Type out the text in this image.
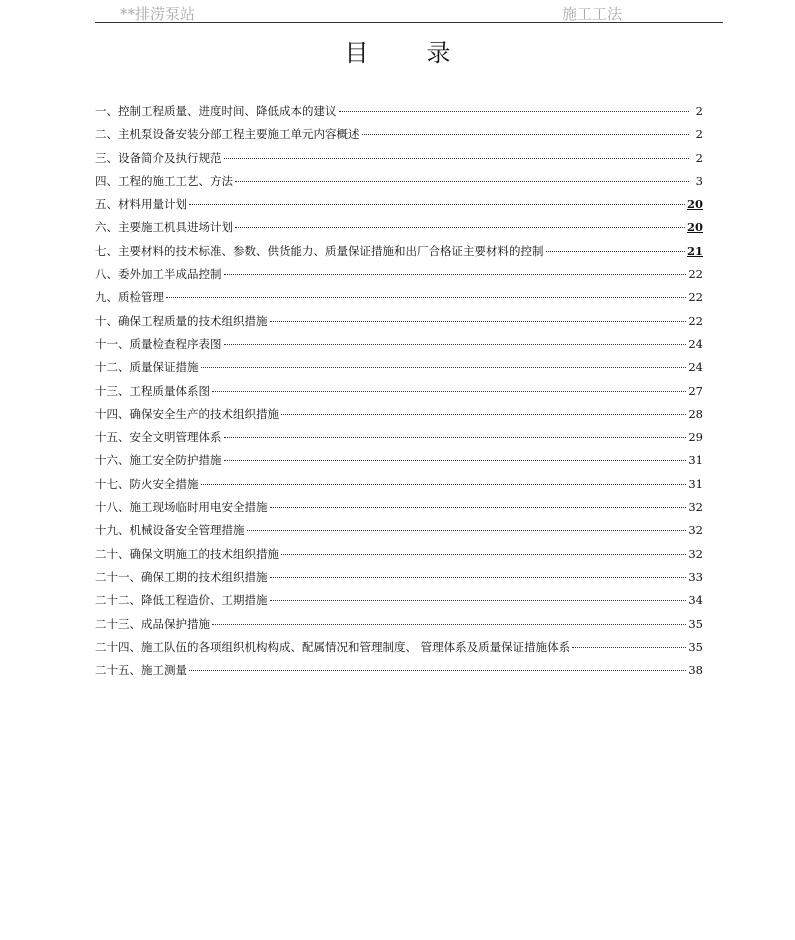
**排涝泵站	施工工法
目录
一、控制工程质量、进度时间、降低成本的建议	2
二、主机泵设备安装分部工程主要施工单元内容概述	2
三、设备简介及执行规范	2
四、工程的施工工艺、方法	3
五、材料用量计划	20
六、主要施工机具进场计划	20
七、主要材料的技术标准、参数、供货能力、质量保证措施和出厂合格证主要材料的控制	21
八、委外加工半成品控制	22
九、质检管理	22
十、确保工程质量的技术组织措施	22
十一、质量检查程序表图	24
十二、质量保证措施	24
十三、工程质量体系图	27
十四、确保安全生产的技术组织措施	28
十五、安全文明管理体系	29
十六、施工安全防护措施	31
十七、防火安全措施	31
十八、施工现场临时用电安全措施	32
十九、机械设备安全管理措施	32
二十、确保文明施工的技术组织措施	32
二十一、确保工期的技术组织措施	33
二十二、降低工程造价、工期措施	34
二十三、成品保护措施	35
二十四、施工队伍的各项组织机构构成、配属情况和管理制度、 管理体系及质量保证措施体系	35
二十五、施工测量	38
